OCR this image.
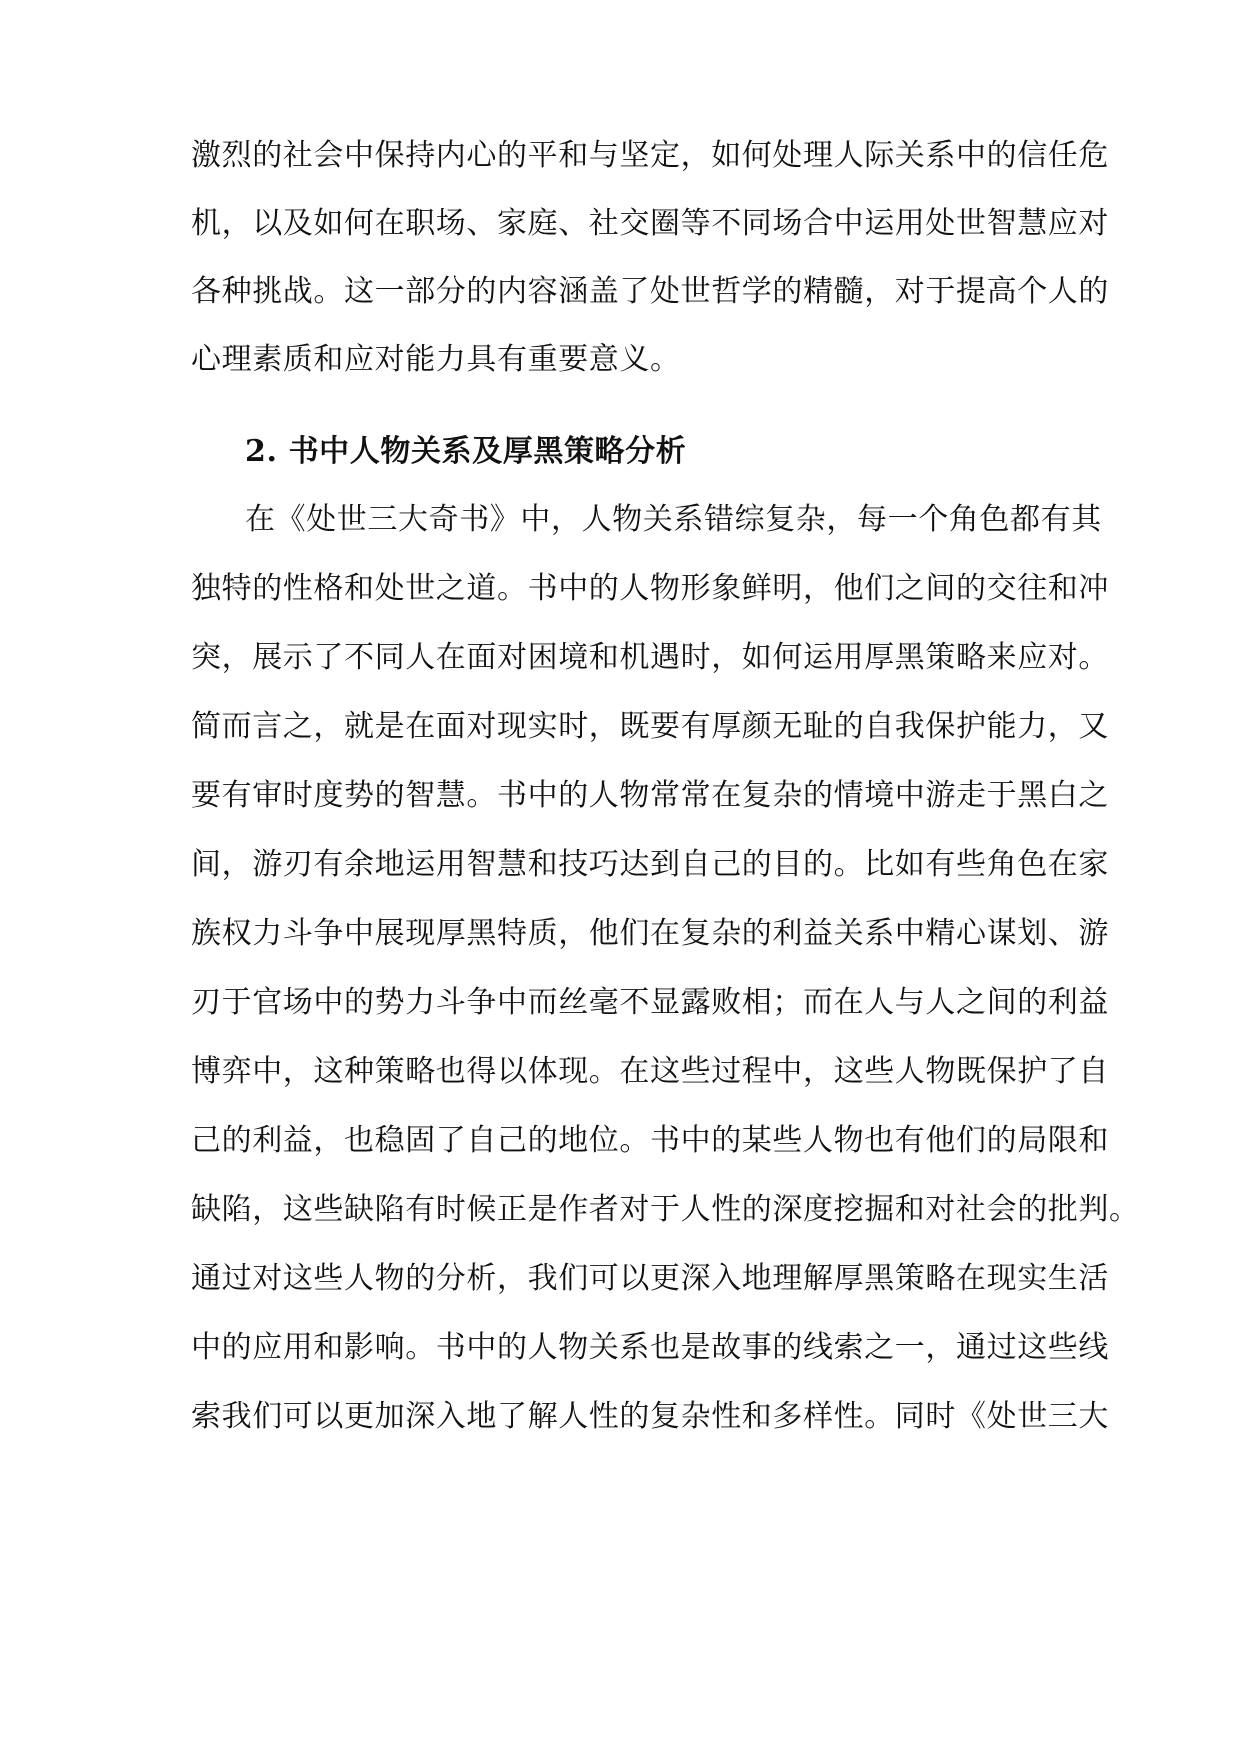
激烈的社会中保持内心的平和与坚定，如何处理人际关系中的信任危
机，以及如何在职场、家庭、社交圈等不同场合中运用处世智慧应对
各种挑战。这一部分的内容涵盖了处世哲学的精髓，对于提高个人的
心理素质和应对能力具有重要意义。
2. 书中人物关系及厚黑策略分析
在《处世三大奇书》中，人物关系错综复杂，每一个角色都有其
独特的性格和处世之道。书中的人物形象鲜明，他们之间的交往和冲
突，展示了不同人在面对困境和机遇时，如何运用厚黑策略来应对。
简而言之，就是在面对现实时，既要有厚颜无耻的自我保护能力，又
要有审时度势的智慧。书中的人物常常在复杂的情境中游走于黑白之
间，游刃有余地运用智慧和技巧达到自己的目的。比如有些角色在家
族权力斗争中展现厚黑特质，他们在复杂的利益关系中精心谋划、游
刃于官场中的势力斗争中而丝毫不显露败相；而在人与人之间的利益
博弈中，这种策略也得以体现。在这些过程中，这些人物既保护了自
己的利益，也稳固了自己的地位。书中的某些人物也有他们的局限和
缺陷，这些缺陷有时候正是作者对于人性的深度挖掘和对社会的批判。
通过对这些人物的分析，我们可以更深入地理解厚黑策略在现实生活
中的应用和影响。书中的人物关系也是故事的线索之一，通过这些线
索我们可以更加深入地了解人性的复杂性和多样性。同时《处世三大
